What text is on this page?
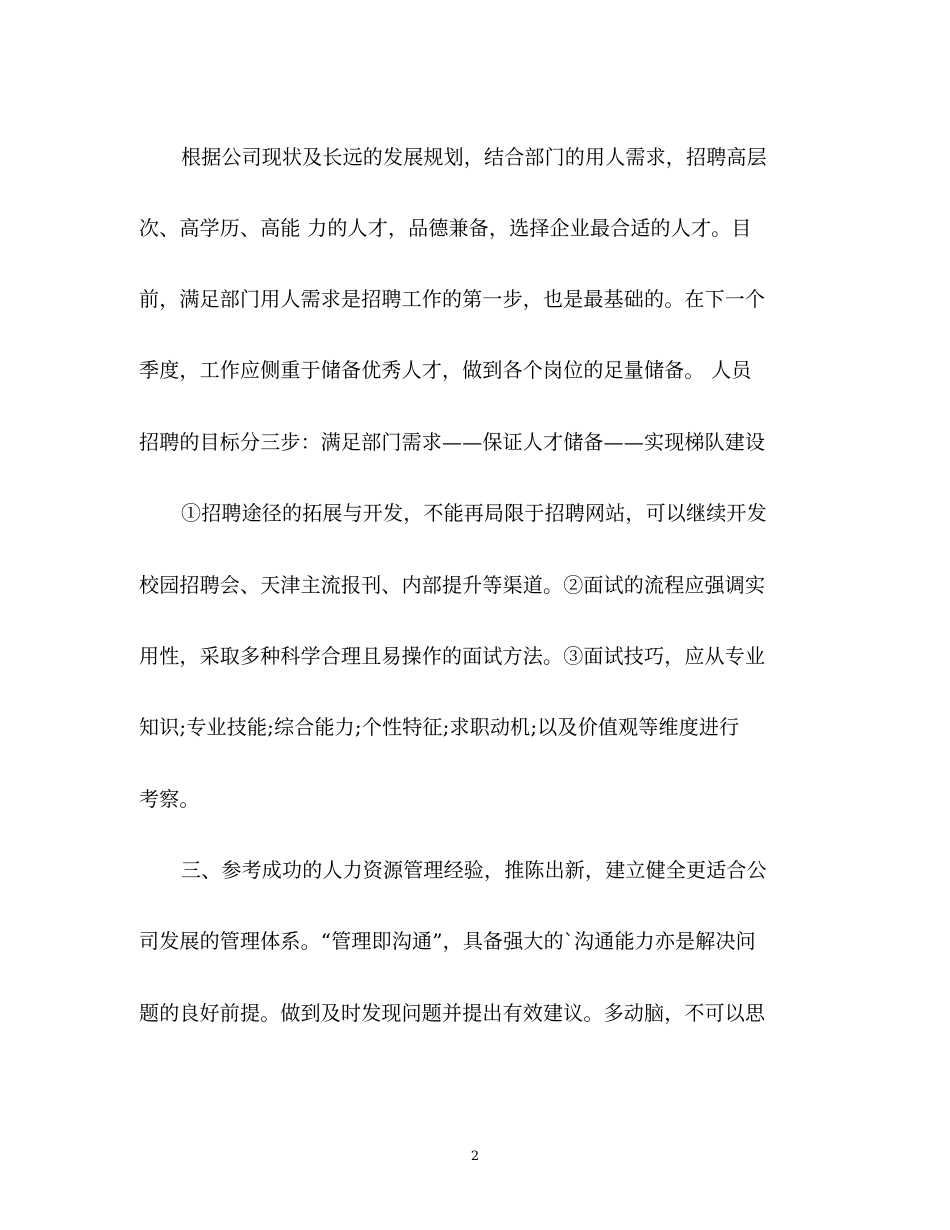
根据公司现状及长远的发展规划，结合部门的用人需求，招聘高层
次、高学历、高能 力的人才，品德兼备，选择企业最合适的人才。目
前，满足部门用人需求是招聘工作的第一步，也是最基础的。在下一个
季度，工作应侧重于储备优秀人才，做到各个岗位的足量储备。 人员
招聘的目标分三步：满足部门需求——保证人才储备——实现梯队建设
①招聘途径的拓展与开发，不能再局限于招聘网站，可以继续开发
校园招聘会、天津主流报刊、内部提升等渠道。②面试的流程应强调实
用性，采取多种科学合理且易操作的面试方法。③面试技巧，应从专业
知识;专业技能;综合能力;个性特征;求职动机;以及价值观等维度进行
考察。
三、参考成功的人力资源管理经验，推陈出新，建立健全更适合公
司发展的管理体系。“管理即沟通”，具备强大的`沟通能力亦是解决问
题的良好前提。做到及时发现问题并提出有效建议。多动脑，不可以思
2
